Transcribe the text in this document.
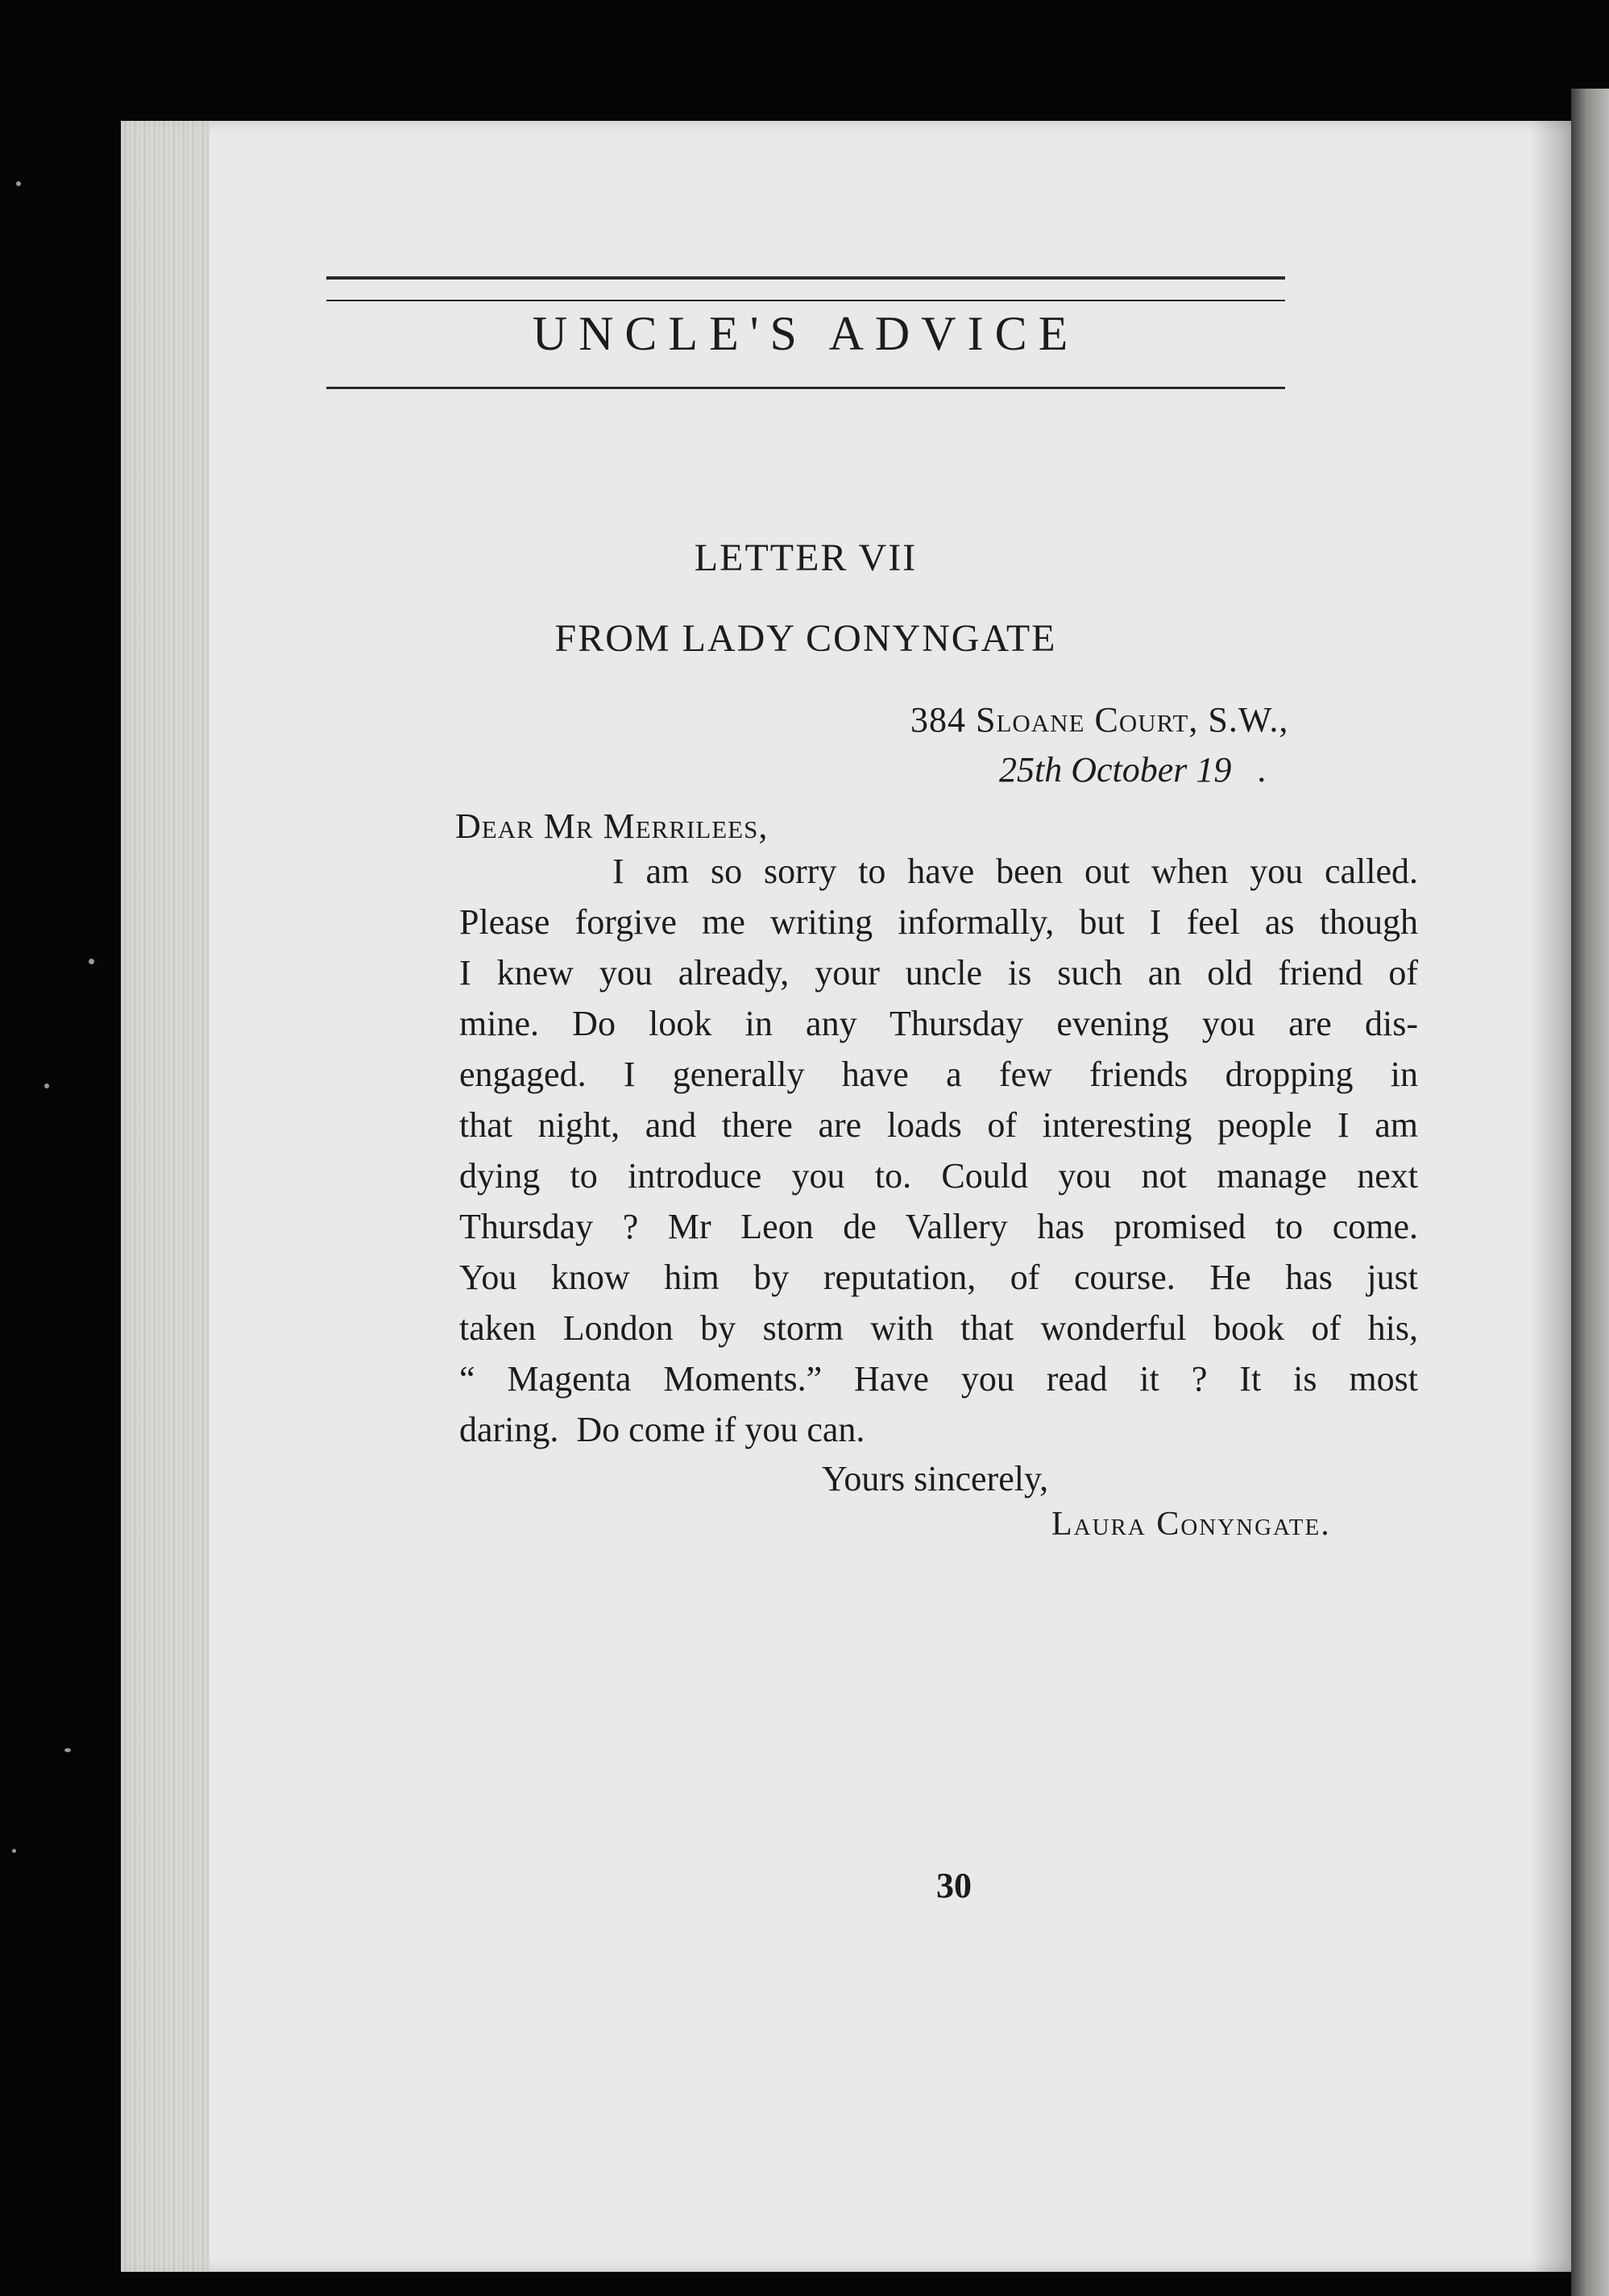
UNCLE'S ADVICE

LETTER VII

FROM LADY CONYNGATE

384 Sloane Court, S.W.,

25th October 19   .

Dear Mr Merrilees,

I am so sorry to have been out when you called.

Please forgive me writing informally, but I feel as though

I knew you already, your uncle is such an old friend of

mine. Do look in any Thursday evening you are dis-

engaged. I generally have a few friends dropping in

that night, and there are loads of interesting people I am

dying to introduce you to. Could you not manage next

Thursday ? Mr Leon de Vallery has promised to come.

You know him by reputation, of course. He has just

taken London by storm with that wonderful book of his,

“ Magenta Moments.” Have you read it ? It is most

daring.  Do come if you can.

Yours sincerely,

Laura Conyngate.

30
